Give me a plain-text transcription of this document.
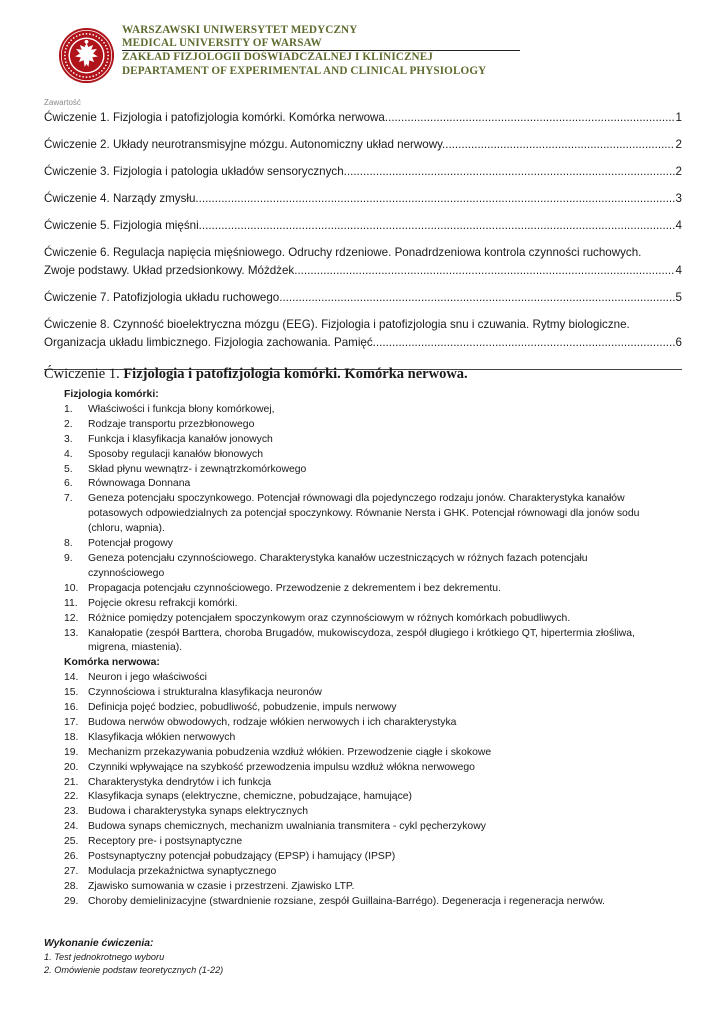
WARSZAWSKI UNIWERSYTET MEDYCZNY
MEDICAL UNIVERSITY OF WARSAW
ZAKŁAD FIZJOLOGII DOŚWIADCZALNEJ I KLINICZNEJ
DEPARTAMENT OF EXPERIMENTAL AND CLINICAL PHYSIOLOGY
Zawartość
Ćwiczenie 1. Fizjologia i patofizjologia komórki. Komórka nerwowa. .....	1
Ćwiczenie 2. Układy neurotransmisyjne mózgu. Autonomiczny układ nerwowy. .....	2
Ćwiczenie 3. Fizjologia i patologia układów sensorycznych. .....	2
Ćwiczenie 4. Narządy zmysłu. .....	3
Ćwiczenie 5. Fizjologia mięśni. .....	4
Ćwiczenie 6. Regulacja napięcia mięśniowego. Odruchy rdzeniowe. Ponadrdzeniowa kontrola czynności ruchowych.
Zwoje podstawy. Układ przedsionkowy. Móżdżek. .....	4
Ćwiczenie 7. Patofizjologia układu ruchowego .....	5
Ćwiczenie 8. Czynność bioelektryczna mózgu (EEG). Fizjologia i patofizjologia snu i czuwania. Rytmy biologiczne.
Organizacja układu limbicznego. Fizjologia zachowania. Pamięć. .....	6
Ćwiczenie 1. Fizjologia i patofizjologia komórki. Komórka nerwowa.
Fizjologia komórki:
1.	Właściwości i funkcja błony komórkowej,
2.	Rodzaje transportu przezbłonowego
3.	Funkcja i klasyfikacja kanałów jonowych
4.	Sposoby regulacji kanałów błonowych
5.	Skład płynu wewnątrz- i zewnątrzkomórkowego
6.	Równowaga Donnana
7.	Geneza potencjału spoczynkowego. Potencjał równowagi dla pojedynczego rodzaju jonów. Charakterystyka kanałów potasowych odpowiedzialnych za potencjał spoczynkowy. Równanie Nersta i GHK. Potencjał równowagi dla jonów sodu (chloru, wapnia).
8.	Potencjał progowy
9.	Geneza potencjału czynnościowego. Charakterystyka kanałów uczestniczących w różnych fazach potencjału czynnościowego
10. Propagacja potencjału czynnościowego. Przewodzenie z dekrementem i bez dekrementu.
11. Pojęcie okresu refrakcji komórki.
12. Różnice pomiędzy potencjałem spoczynkowym oraz czynnościowym w różnych komórkach pobudliwych.
13. Kanałopatie (zespół Barttera, choroba Brugadów, mukowiscydoza, zespół długiego i krótkiego QT, hipertermia złośliwa, migrena, miastenia).
Komórka nerwowa:
14. Neuron i jego właściwości
15. Czynnościowa i strukturalna klasyfikacja neuronów
16. Definicja pojęć bodziec, pobudliwość, pobudzenie, impuls nerwowy
17. Budowa nerwów obwodowych, rodzaje włókien nerwowych i ich charakterystyka
18. Klasyfikacja włókien nerwowych
19. Mechanizm przekazywania pobudzenia wzdłuż włókien. Przewodzenie ciągłe i skokowe
20. Czynniki wpływające na szybkość przewodzenia impulsu wzdłuż włókna nerwowego
21. Charakterystyka dendrytów i ich funkcja
22. Klasyfikacja synaps (elektryczne, chemiczne, pobudzające, hamujące)
23. Budowa i charakterystyka synaps elektrycznych
24. Budowa synaps chemicznych, mechanizm uwalniania transmitera - cykl pęcherzykowy
25. Receptory pre- i postsynaptyczne
26. Postsynaptyczny potencjał pobudzający (EPSP) i hamujący (IPSP)
27. Modulacja przekaźnictwa synaptycznego
28. Zjawisko sumowania w czasie i przestrzeni. Zjawisko LTP.
29. Choroby demielinizacyjne (stwardnienie rozsiane, zespół Guillaina-Barrégo). Degeneracja i regeneracja nerwów.
Wykonanie ćwiczenia:
1. Test jednokrotnego wyboru
2. Omówienie podstaw teoretycznych (1-22)
